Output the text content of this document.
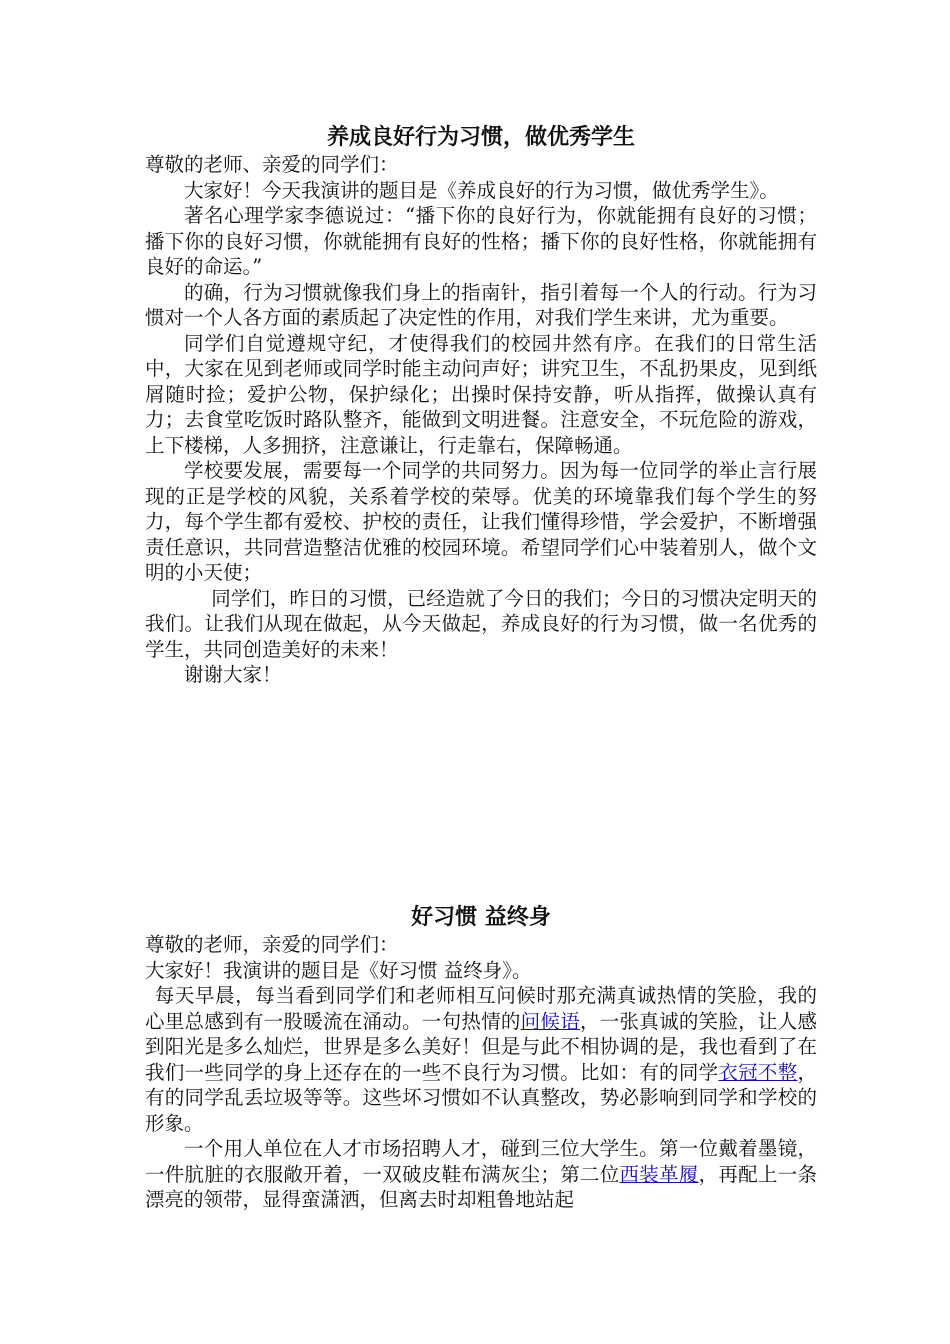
养成良好行为习惯，做优秀学生

尊敬的老师、亲爱的同学们：

大家好！今天我演讲的题目是《养成良好的行为习惯，做优秀学生》。

著名心理学家李德说过：“播下你的良好行为，你就能拥有良好的习惯；播下你的良好习惯，你就能拥有良好的性格；播下你的良好性格，你就能拥有良好的命运。”

的确，行为习惯就像我们身上的指南针，指引着每一个人的行动。行为习惯对一个人各方面的素质起了决定性的作用，对我们学生来讲，尤为重要。

同学们自觉遵规守纪，才使得我们的校园井然有序。在我们的日常生活中，大家在见到老师或同学时能主动问声好；讲究卫生，不乱扔果皮，见到纸屑随时捡；爱护公物，保护绿化；出操时保持安静，听从指挥，做操认真有力；去食堂吃饭时路队整齐，能做到文明进餐。注意安全，不玩危险的游戏，上下楼梯，人多拥挤，注意谦让，行走靠右，保障畅通。

学校要发展，需要每一个同学的共同努力。因为每一位同学的举止言行展现的正是学校的风貌，关系着学校的荣辱。优美的环境靠我们每个学生的努力，每个学生都有爱校、护校的责任，让我们懂得珍惜，学会爱护，不断增强责任意识，共同营造整洁优雅的校园环境。希望同学们心中装着别人，做个文明的小天使；

同学们，昨日的习惯，已经造就了今日的我们；今日的习惯决定明天的我们。让我们从现在做起，从今天做起，养成良好的行为习惯，做一名优秀的学生，共同创造美好的未来！

谢谢大家！

好习惯 益终身

尊敬的老师，亲爱的同学们：

大家好！我演讲的题目是《好习惯 益终身》。

每天早晨，每当看到同学们和老师相互问候时那充满真诚热情的笑脸，我的心里总感到有一股暖流在涌动。一句热情的问候语，一张真诚的笑脸，让人感到阳光是多么灿烂，世界是多么美好！但是与此不相协调的是，我也看到了在我们一些同学的身上还存在的一些不良行为习惯。比如：有的同学衣冠不整，有的同学乱丢垃圾等等。这些坏习惯如不认真整改，势必影响到同学和学校的形象。

一个用人单位在人才市场招聘人才，碰到三位大学生。第一位戴着墨镜，一件肮脏的衣服敞开着，一双破皮鞋布满灰尘；第二位西装革履，再配上一条漂亮的领带，显得蛮潇洒，但离去时却粗鲁地站起
